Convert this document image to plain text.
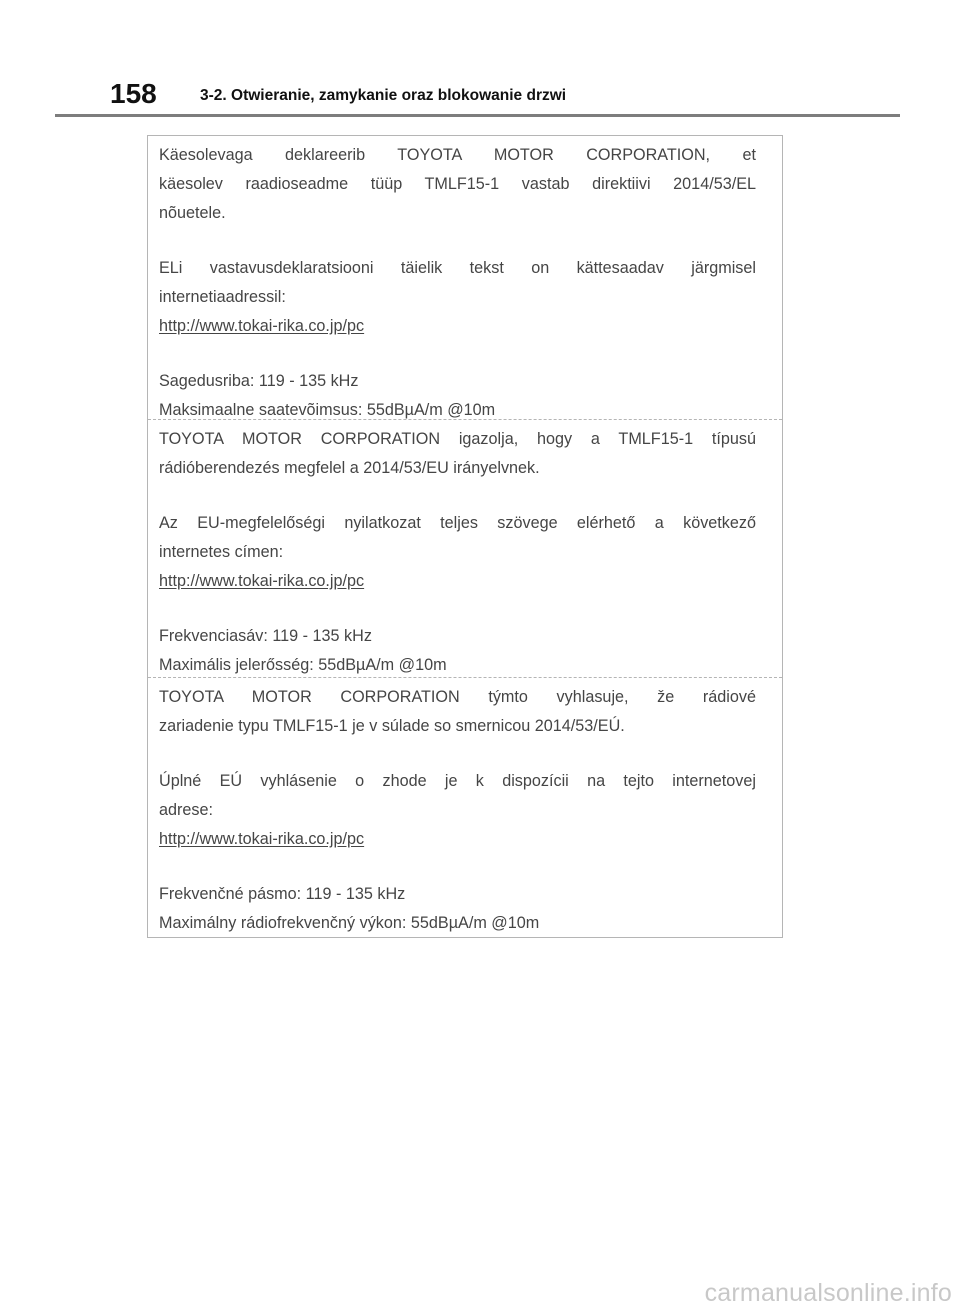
158	3-2. Otwieranie, zamykanie oraz blokowanie drzwi

Käesolevaga deklareerib TOYOTA MOTOR CORPORATION, et
käesolev raadioseadme tüüp TMLF15-1 vastab direktiivi 2014/53/EL
nõuetele.

ELi vastavusdeklaratsiooni täielik tekst on kättesaadav järgmisel
internetiaadressil:
http://www.tokai-rika.co.jp/pc

Sagedusriba: 119 - 135 kHz
Maksimaalne saatevõimsus: 55dBµA/m @10m

TOYOTA MOTOR CORPORATION igazolja, hogy a TMLF15-1 típusú
rádióberendezés megfelel a 2014/53/EU irányelvnek.

Az EU-megfelelőségi nyilatkozat teljes szövege elérhető a következő
internetes címen:
http://www.tokai-rika.co.jp/pc

Frekvenciasáv: 119 - 135 kHz
Maximális jelerősség: 55dBµA/m @10m

TOYOTA MOTOR CORPORATION týmto vyhlasuje, že rádiové
zariadenie typu TMLF15-1 je v súlade so smernicou 2014/53/EÚ.

Úplné EÚ vyhlásenie o zhode je k dispozícii na tejto internetovej
adrese:
http://www.tokai-rika.co.jp/pc

Frekvenčné pásmo: 119 - 135 kHz
Maximálny rádiofrekvenčný výkon: 55dBµA/m @10m

carmanualsonline.info
